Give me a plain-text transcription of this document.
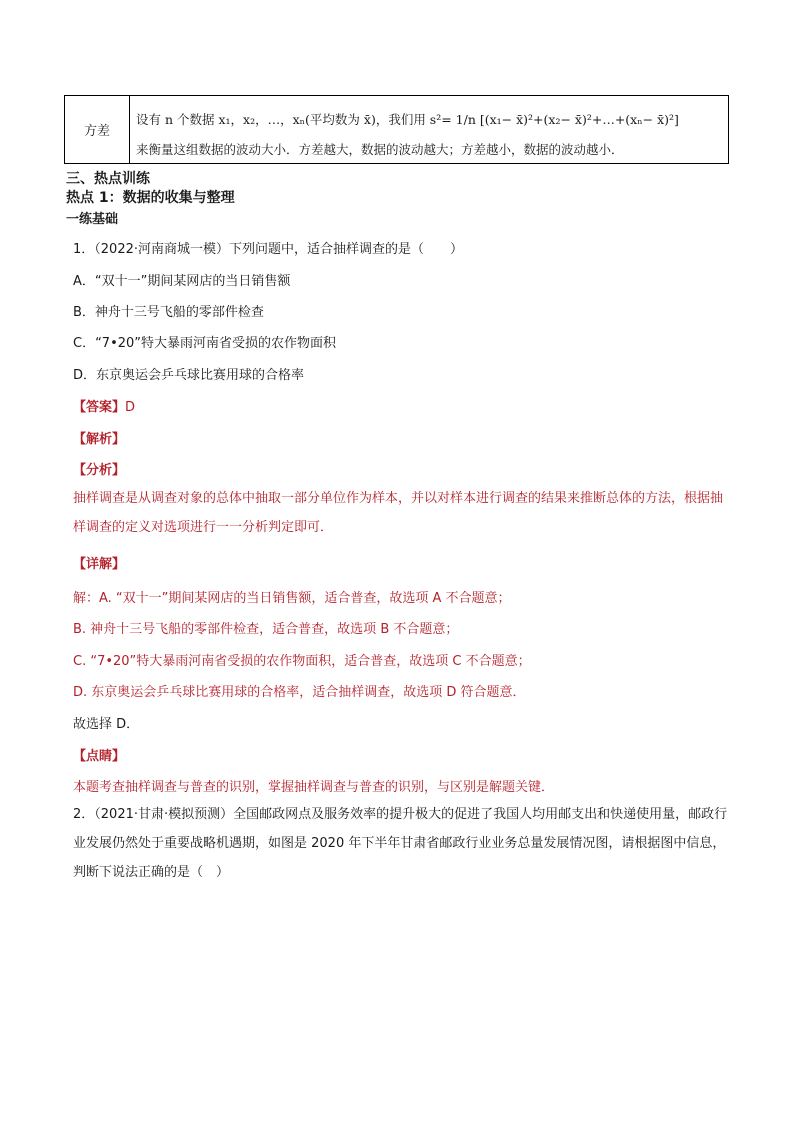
方差
设有 n 个数据 x₁，x₂，…，xₙ(平均数为 x̄)，我们用 s²= 1/n [(x₁− x̄)²+(x₂− x̄)²+…+(xₙ− x̄)²]
来衡量这组数据的波动大小．方差越大，数据的波动越大；方差越小，数据的波动越小．
三、热点训练
热点 1：数据的收集与整理
一练基础
1．（2022·河南商城一模）下列问题中，适合抽样调查的是（　　）
A．“双十一”期间某网店的当日销售额
B．神舟十三号飞船的零部件检查
C．“7•20”特大暴雨河南省受损的农作物面积
D．东京奥运会乒乓球比赛用球的合格率
【答案】D
【解析】
【分析】
抽样调查是从调查对象的总体中抽取一部分单位作为样本，并以对样本进行调查的结果来推断总体的方法，根据抽样调查的定义对选项进行一一分析判定即可．
【详解】
解：A. “双十一”期间某网店的当日销售额，适合普查，故选项 A 不合题意；
B. 神舟十三号飞船的零部件检查，适合普查，故选项 B 不合题意；
C. “7•20”特大暴雨河南省受损的农作物面积，适合普查，故选项 C 不合题意；
D. 东京奥运会乒乓球比赛用球的合格率，适合抽样调查，故选项 D 符合题意．
故选择 D．
【点睛】
本题考查抽样调查与普查的识别，掌握抽样调查与普查的识别，与区别是解题关键．
2．（2021·甘肃·模拟预测）全国邮政网点及服务效率的提升极大的促进了我国人均用邮支出和快递使用量，邮政行业发展仍然处于重要战略机遇期，如图是 2020 年下半年甘肃省邮政行业业务总量发展情况图，请根据图中信息，判断下说法正确的是（　）
